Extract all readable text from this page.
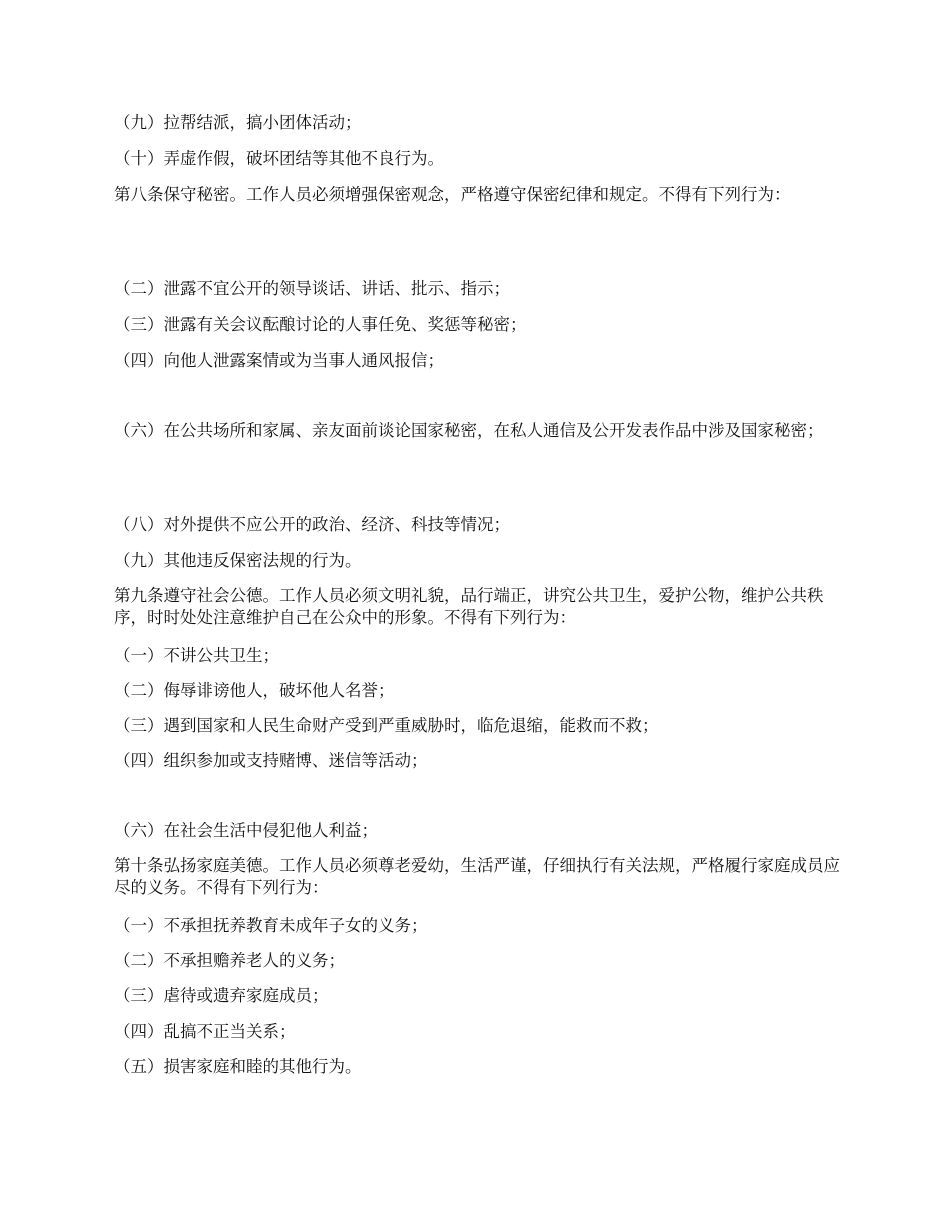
（九）拉帮结派，搞小团体活动；
（十）弄虚作假，破坏团结等其他不良行为。
第八条保守秘密。工作人员必须增强保密观念，严格遵守保密纪律和规定。不得有下列行为：
（二）泄露不宜公开的领导谈话、讲话、批示、指示；
（三）泄露有关会议酝酿讨论的人事任免、奖惩等秘密；
（四）向他人泄露案情或为当事人通风报信；
（六）在公共场所和家属、亲友面前谈论国家秘密，在私人通信及公开发表作品中涉及国家秘密；
（八）对外提供不应公开的政治、经济、科技等情况；
（九）其他违反保密法规的行为。
第九条遵守社会公德。工作人员必须文明礼貌，品行端正，讲究公共卫生，爱护公物，维护公共秩序，时时处处注意维护自己在公众中的形象。不得有下列行为：
（一）不讲公共卫生；
（二）侮辱诽谤他人，破坏他人名誉；
（三）遇到国家和人民生命财产受到严重威胁时，临危退缩，能救而不救；
（四）组织参加或支持赌博、迷信等活动；
（六）在社会生活中侵犯他人利益；
第十条弘扬家庭美德。工作人员必须尊老爱幼，生活严谨，仔细执行有关法规，严格履行家庭成员应尽的义务。不得有下列行为：
（一）不承担抚养教育未成年子女的义务；
（二）不承担赡养老人的义务；
（三）虐待或遗弃家庭成员；
（四）乱搞不正当关系；
（五）损害家庭和睦的其他行为。
